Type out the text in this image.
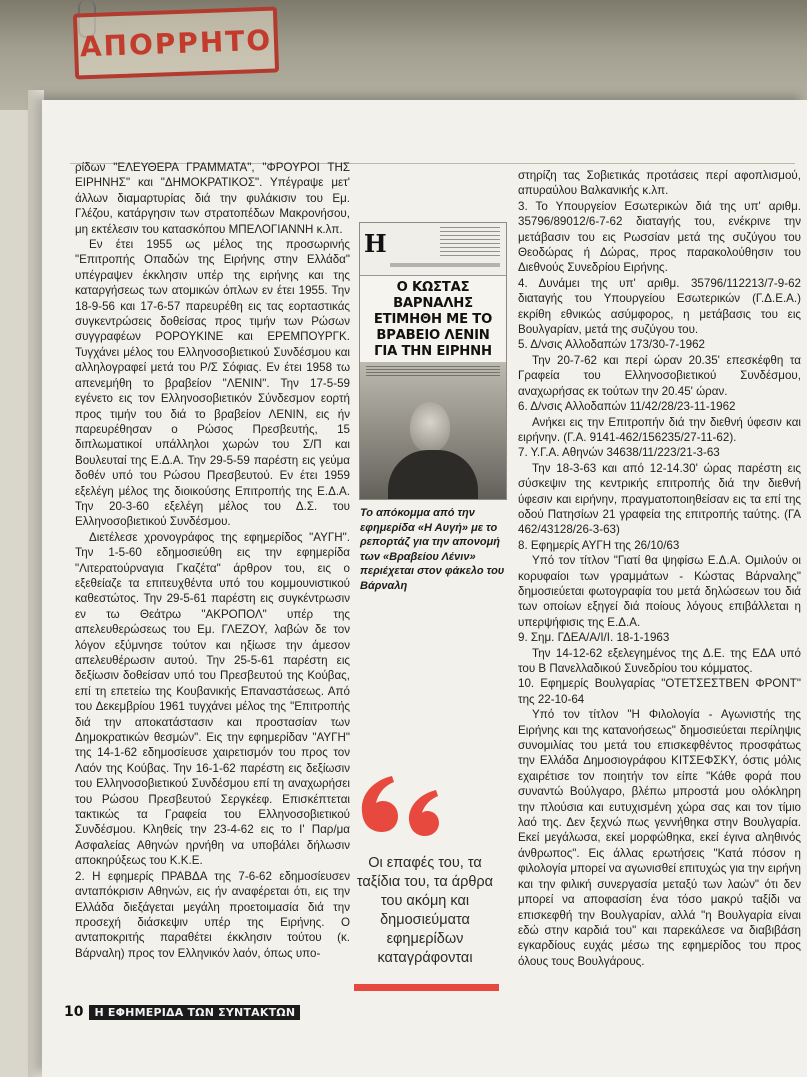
ΑΠΟΡΡΗΤΟ

ρίδων "ΕΛΕΥΘΕΡΑ ΓΡΑΜΜΑΤΑ", "ΦΡΟΥΡΟΙ ΤΗΣ ΕΙΡΗΝΗΣ" και "ΔΗΜΟΚΡΑΤΙΚΟΣ". Υπέγραψε μετ' άλλων διαμαρτυρίας διά την φυλάκισιν του Εμ. Γλέζου, κατάργησιν των στρατοπέδων Μακρονήσου, μη εκτέλεσιν του κατασκόπου ΜΠΕΛΟΓΙΑΝΝΗ κ.λπ.

Εν έτει 1955 ως μέλος της προσωρινής "Επιτροπής Οπαδών της Ειρήνης στην Ελλάδα" υπέγραψεν έκκλησιν υπέρ της ειρήνης και της καταργήσεως των ατομικών όπλων εν έτει 1955. Την 18-9-56 και 17-6-57 παρευρέθη εις τας εορταστικάς συγκεντρώσεις δοθείσας προς τιμήν των Ρώσων συγγραφέων ΡΟΡΟΥΚΙΝΕ και ΕΡΕΜΠΟΥΡΓΚ. Τυγχάνει μέλος του Ελληνοσοβιετικού Συνδέσμου και αλληλογραφεί μετά του Ρ/Σ Σόφιας. Εν έτει 1958 τω απενεμήθη το βραβείον "ΛΕΝΙΝ". Την 17-5-59 εγένετο εις τον Ελληνοσοβιετικόν Σύνδεσμον εορτή προς τιμήν του διά το βραβείον ΛΕΝΙΝ, εις ήν παρευρέθησαν ο Ρώσος Πρεσβευτής, 15 διπλωματικοί υπάλληλοι χωρών του Σ/Π και Βουλευταί της Ε.Δ.Α. Την 29-5-59 παρέστη εις γεύμα δοθέν υπό του Ρώσου Πρεσβευτού. Εν έτει 1959 εξελέγη μέλος της διοικούσης Επιτροπής της Ε.Δ.Α. Την 20-3-60 εξελέγη μέλος του Δ.Σ. του Ελληνοσοβιετικού Συνδέσμου.

Διετέλεσε χρονογράφος της εφημερίδος "ΑΥΓΗ". Την 1-5-60 εδημοσιεύθη εις την εφημερίδα "Λιτερατούρναγια Γκαζέτα" άρθρον του, εις ο εξεθείαζε τα επιτευχθέντα υπό του κομμουνιστικού καθεστώτος. Την 29-5-61 παρέστη εις συγκέντρωσιν εν τω Θεάτρω "ΑΚΡΟΠΟΛ" υπέρ της απελευθερώσεως του Εμ. ΓΛΕΖΟΥ, λαβών δε τον λόγον εξύμνησε τούτον και ηξίωσε την άμεσον απελευθέρωσιν αυτού. Την 25-5-61 παρέστη εις δεξίωσιν δοθείσαν υπό του Πρεσβευτού της Κούβας, επί τη επετείω της Κουβανικής Επαναστάσεως. Από του Δεκεμβρίου 1961 τυγχάνει μέλος της "Επιτροπής διά την αποκατάστασιν και προστασίαν των Δημοκρατικών θεσμών". Εις την εφημερίδαν "ΑΥΓΗ" της 14-1-62 εδημοσίευσε χαιρετισμόν του προς τον Λαόν της Κούβας. Την 16-1-62 παρέστη εις δεξίωσιν του Ελληνοσοβιετικού Συνδέσμου επί τη αναχωρήσει του Ρώσου Πρεσβευτού Σεργκέεφ. Επισκέπτεται τακτικώς τα Γραφεία του Ελληνοσοβιετικού Συνδέσμου. Κληθείς την 23-4-62 εις το Ι' Παρ/μα Ασφαλείας Αθηνών ηρνήθη να υποβάλει δήλωσιν αποκηρύξεως του Κ.Κ.Ε.

2. Η εφημερίς ΠΡΑΒΔΑ της 7-6-62 εδημοσίευσεν ανταπόκρισιν Αθηνών, εις ήν αναφέρεται ότι, εις την Ελλάδα διεξάγεται μεγάλη προετοιμασία διά την προσεχή διάσκεψιν υπέρ της Ειρήνης. Ο ανταποκριτής παραθέτει έκκλησιν τούτου (κ. Βάρναλη) προς τον Ελληνικόν λαόν, όπως υπο-

Η
Ο ΚΩΣΤΑΣ ΒΑΡΝΑΛΗΣ ΕΤΙΜΗΘΗ ΜΕ ΤΟ ΒΡΑΒΕΙΟ ΛΕΝΙΝ ΓΙΑ ΤΗΝ ΕΙΡΗΝΗ
Το απόκομμα από την εφημερίδα «Η Αυγή» με το ρεπορτάζ για την απονομή των «Βραβείου Λένιν» περιέχεται στον φάκελο του Βάρναλη
Οι επαφές του, τα ταξίδια του, τα άρθρα του ακόμη και δημοσιεύματα εφημερίδων καταγράφονται

στηρίζη τας Σοβιετικάς προτάσεις περί αφοπλισμού, απυραύλου Βαλκανικής κ.λπ.

3. Το Υπουργείον Εσωτερικών διά της υπ' αριθμ. 35796/89012/6-7-62 διαταγής του, ενέκρινε την μετάβασιν του εις Ρωσσίαν μετά της συζύγου του Θεοδώρας ή Δώρας, προς παρακολούθησιν του Διεθνούς Συνεδρίου Ειρήνης.

4. Δυνάμει της υπ' αριθμ. 35796/112213/7-9-62 διαταγής του Υπουργείου Εσωτερικών (Γ.Δ.Ε.Α.) εκρίθη εθνικώς ασύμφορος, η μετάβασις του εις Βουλγαρίαν, μετά της συζύγου του.

5. Δ/νσις Αλλοδαπών 173/30-7-1962

Την 20-7-62 και περί ώραν 20.35' επεσκέφθη τα Γραφεία του Ελληνοσοβιετικού Συνδέσμου, αναχωρήσας εκ τούτων την 20.45' ώραν.

6. Δ/νσις Αλλοδαπών 11/42/28/23-11-1962

Ανήκει εις την Επιτροπήν διά την διεθνή ύφεσιν και ειρήνην. (Γ.Α. 9141-462/156235/27-11-62).

7. Υ.Γ.Α. Αθηνών 34638/11/223/21-3-63

Την 18-3-63 και από 12-14.30' ώρας παρέστη εις σύσκεψιν της κεντρικής επιτροπής διά την διεθνή ύφεσιν και ειρήνην, πραγματοποιηθείσαν εις τα επί της οδού Πατησίων 21 γραφεία της επιτροπής ταύτης. (ΓΑ 462/43128/26-3-63)

8. Εφημερίς ΑΥΓΗ της 26/10/63

Υπό τον τίτλον "Γιατί θα ψηφίσω Ε.Δ.Α. Ομιλούν οι κορυφαίοι των γραμμάτων - Κώστας Βάρναλης" δημοσιεύεται φωτογραφία του μετά δηλώσεων του διά των οποίων εξηγεί διά ποίους λόγους επιβάλλεται η υπερψήφισις της Ε.Δ.Α.

9. Σημ. ΓΔΕΑ/Α/Ι/Ι. 18-1-1963

Την 14-12-62 εξελεγημένος της Δ.Ε. της ΕΔΑ υπό του Β Πανελλαδικού Συνεδρίου του κόμματος.

10. Εφημερίς Βουλγαρίας "ΟΤΕΤΣΕΣΤΒΕΝ ΦΡΟΝΤ" της 22-10-64

Υπό τον τίτλον "Η Φιλολογία - Αγωνιστής της Ειρήνης και της κατανοήσεως" δημοσιεύεται περίληψις συνομιλίας του μετά του επισκεφθέντος προσφάτως την Ελλάδα Δημοσιογράφου ΚΙΤΣΕΦΣΚΥ, όστις μόλις εχαιρέτισε τον ποιητήν τον είπε "Κάθε φορά που συναντώ Βούλγαρο, βλέπω μπροστά μου ολόκληρη την πλούσια και ευτυχισμένη χώρα σας και τον τίμιο λαό της. Δεν ξεχνώ πως γεννήθηκα στην Βουλγαρία. Εκεί μεγάλωσα, εκεί μορφώθηκα, εκεί έγινα αληθινός άνθρωπος". Εις άλλας ερωτήσεις "Κατά πόσον η φιλολογία μπορεί να αγωνισθεί επιτυχώς για την ειρήνη και την φιλική συνεργασία μεταξύ των λαών" ότι δεν μπορεί να αποφασίση ένα τόσο μακρύ ταξίδι να επισκεφθή την Βουλγαρίαν, αλλά "η Βουλγαρία είναι εδώ στην καρδιά του" και παρεκάλεσε να διαβιβάση εγκαρδίους ευχάς μέσω της εφημερίδος του προς όλους τους Βουλγάρους.

10	Η ΕΦΗΜΕΡΙΔΑ ΤΩΝ ΣΥΝΤΑΚΤΩΝ
